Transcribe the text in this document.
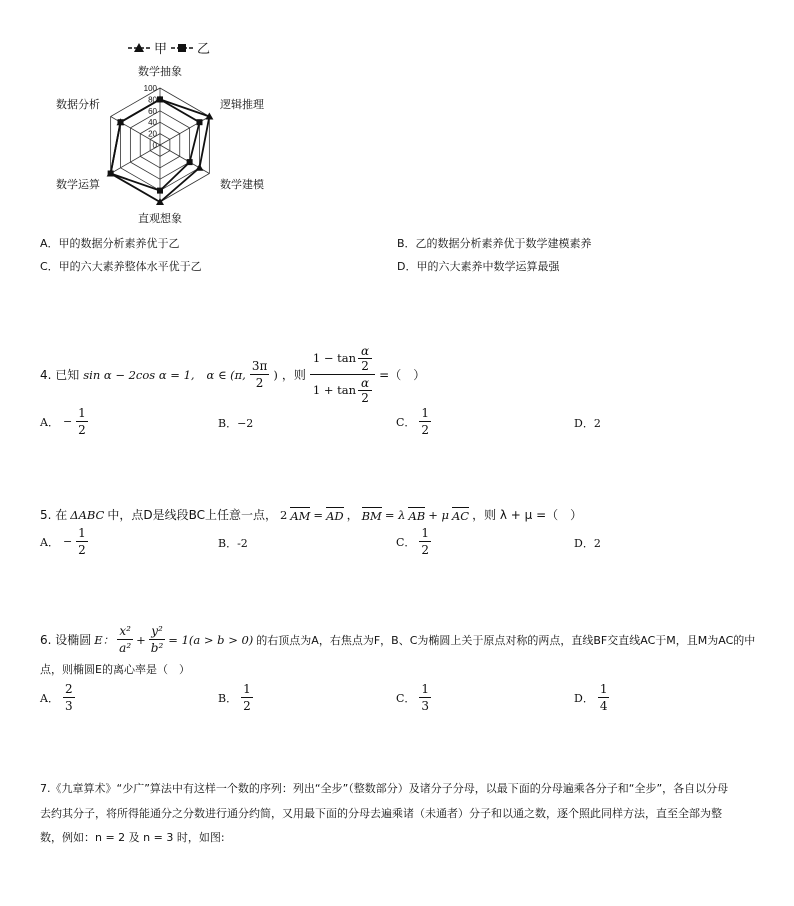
甲 乙
100
80
60
40
20
0
数学抽象
逻辑推理
数学建模
直观想象
数学运算
数据分析
A．甲的数据分析素养优于乙	B．乙的数据分析素养优于数学建模素养
C．甲的六大素养整体水平优于乙	D．甲的六大素养中数学运算最强
4. 已知 sin α − 2cos α = 1, α ∈ (π, $\frac{3\pi}{2}$ ) ，则 $\frac{1 - \tan \frac{\alpha}{2}}{1 + \tan \frac{\alpha}{2}}$ =（　）
A． − $\frac{1}{2}$	B．−2	C． $\frac{1}{2}$	D．2
5. 在 ΔABC 中，点D是线段BC上任意一点， 2 AM = AD ， BM = λ AB + μ AC ，则 λ + μ =（　）
A． − $\frac{1}{2}$	B．-2	C． $\frac{1}{2}$	D．2
6. 设椭圆 E： $\frac{\text{x²}}{\text{a²}} + \frac{\text{y²}}{\text{b²}} = 1(a > b > 0)$ 的右顶点为A，右焦点为F，B、C为椭圆上关于原点对称的两点，直线BF交直线AC于M，且M为AC的中
点，则椭圆E的离心率是（　）
A． $\frac{2}{3}$	B． $\frac{1}{2}$	C． $\frac{1}{3}$	D． $\frac{1}{4}$
7.《九章算术》“少广”算法中有这样一个数的序列：列出“全步”（整数部分）及诸分子分母，以最下面的分母遍乘各分子和“全步”，各自以分母
去约其分子，将所得能通分之分数进行通分约简，又用最下面的分母去遍乘诸（未通者）分子和以通之数，逐个照此同样方法，直至全部为整
数，例如：n = 2 及 n = 3 时，如图:
